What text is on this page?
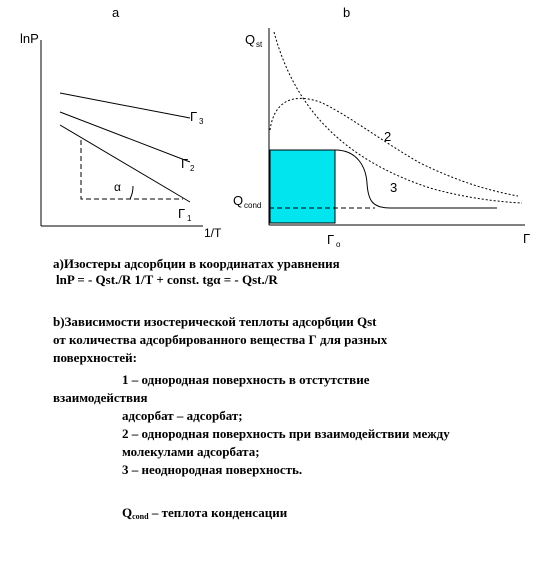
a
lnP
1/T
α
Г 3
Г 2
Г 1
b
Q st
Г
2
3
Q cond
Г o
a)Изостеры адсорбции в координатах уравнения
lnP = - Qst./R 1/T + const. tgα = - Qst./R
b)Зависимости изостерической теплоты адсорбции Qst
от количества адсорбированного вещества Г для разных
поверхностей:
1 – однородная поверхность в отстутствие
взаимодействия
адсорбат – адсорбат;
2 – однородная поверхность при взаимодействии между
молекулами адсорбата;
3 – неоднородная поверхность.
$Q_{cond}$ – теплота конденсации
